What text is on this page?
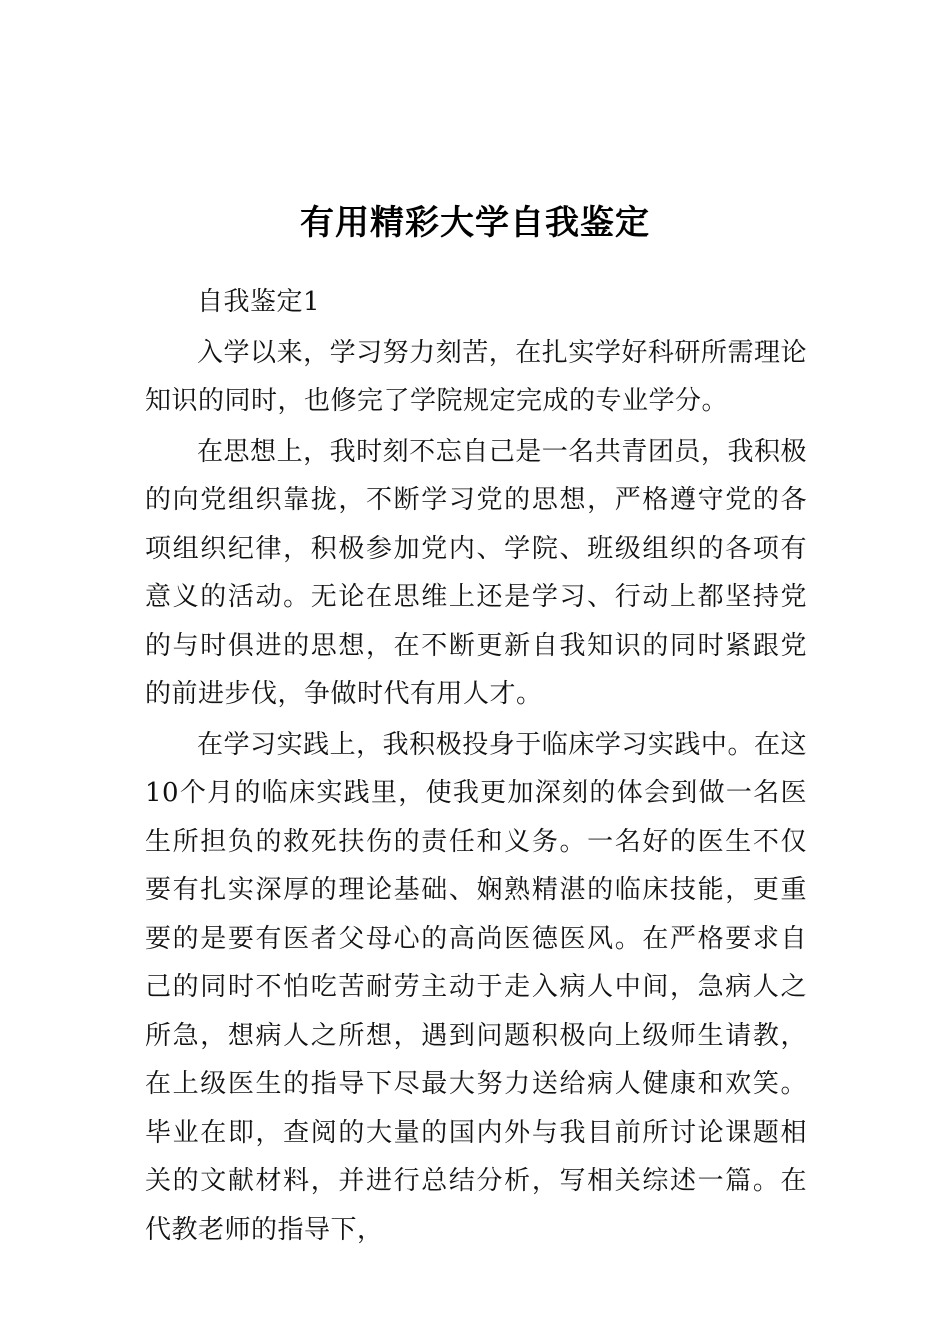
有用精彩大学自我鉴定

自我鉴定1

入学以来，学习努力刻苦，在扎实学好科研所需理论知识的同时，也修完了学院规定完成的专业学分。

在思想上，我时刻不忘自己是一名共青团员，我积极的向党组织靠拢，不断学习党的思想，严格遵守党的各项组织纪律，积极参加党内、学院、班级组织的各项有意义的活动。无论在思维上还是学习、行动上都坚持党的与时俱进的思想，在不断更新自我知识的同时紧跟党的前进步伐，争做时代有用人才。

在学习实践上，我积极投身于临床学习实践中。在这10个月的临床实践里，使我更加深刻的体会到做一名医生所担负的救死扶伤的责任和义务。一名好的医生不仅要有扎实深厚的理论基础、娴熟精湛的临床技能，更重要的是要有医者父母心的高尚医德医风。在严格要求自己的同时不怕吃苦耐劳主动于走入病人中间，急病人之所急，想病人之所想，遇到问题积极向上级师生请教，在上级医生的指导下尽最大努力送给病人健康和欢笑。毕业在即，查阅的大量的国内外与我目前所讨论课题相关的文献材料，并进行总结分析，写相关综述一篇。在代教老师的指导下，
